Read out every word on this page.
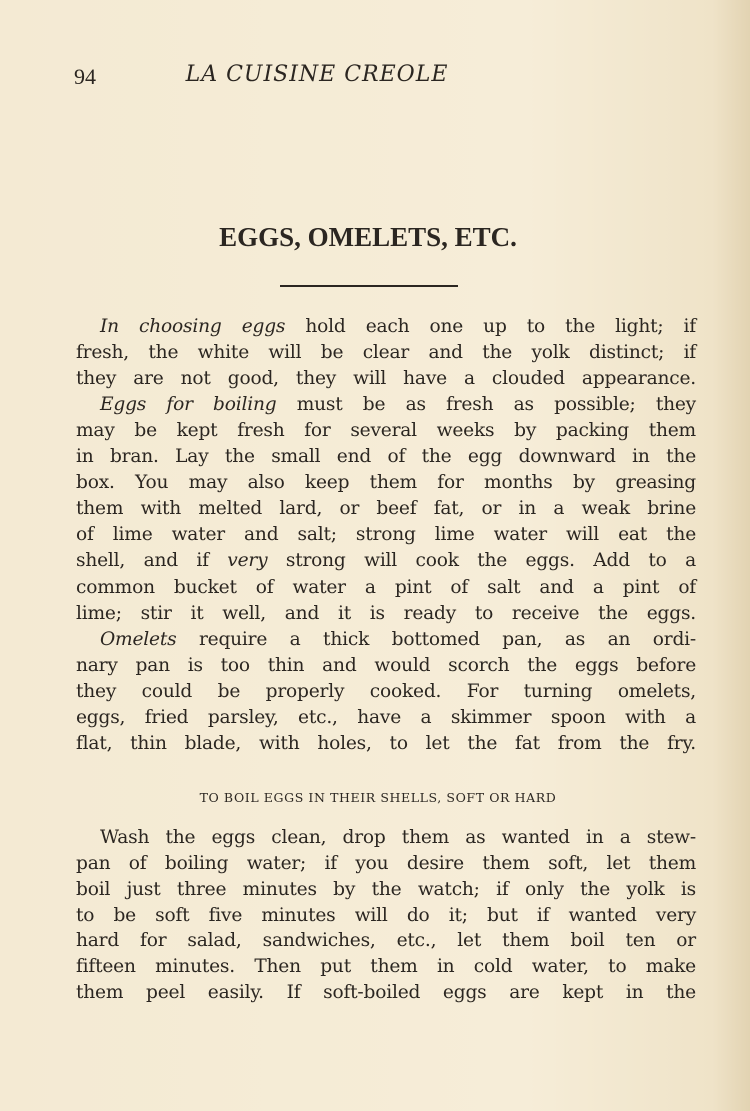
94	LA CUISINE CREOLE
EGGS, OMELETS, ETC.
In choosing eggs hold each one up to the light; if
fresh, the white will be clear and the yolk distinct; if
they are not good, they will have a clouded appearance.
Eggs for boiling must be as fresh as possible; they
may be kept fresh for several weeks by packing them
in bran. Lay the small end of the egg downward in the
box. You may also keep them for months by greasing
them with melted lard, or beef fat, or in a weak brine
of lime water and salt; strong lime water will eat the
shell, and if very strong will cook the eggs. Add to a
common bucket of water a pint of salt and a pint of
lime; stir it well, and it is ready to receive the eggs.
Omelets require a thick bottomed pan, as an ordi-
nary pan is too thin and would scorch the eggs before
they could be properly cooked. For turning omelets,
eggs, fried parsley, etc., have a skimmer spoon with a
flat, thin blade, with holes, to let the fat from the fry.
TO BOIL EGGS IN THEIR SHELLS, SOFT OR HARD
Wash the eggs clean, drop them as wanted in a stew-
pan of boiling water; if you desire them soft, let them
boil just three minutes by the watch; if only the yolk is
to be soft five minutes will do it; but if wanted very
hard for salad, sandwiches, etc., let them boil ten or
fifteen minutes. Then put them in cold water, to make
them peel easily. If soft-boiled eggs are kept in the
